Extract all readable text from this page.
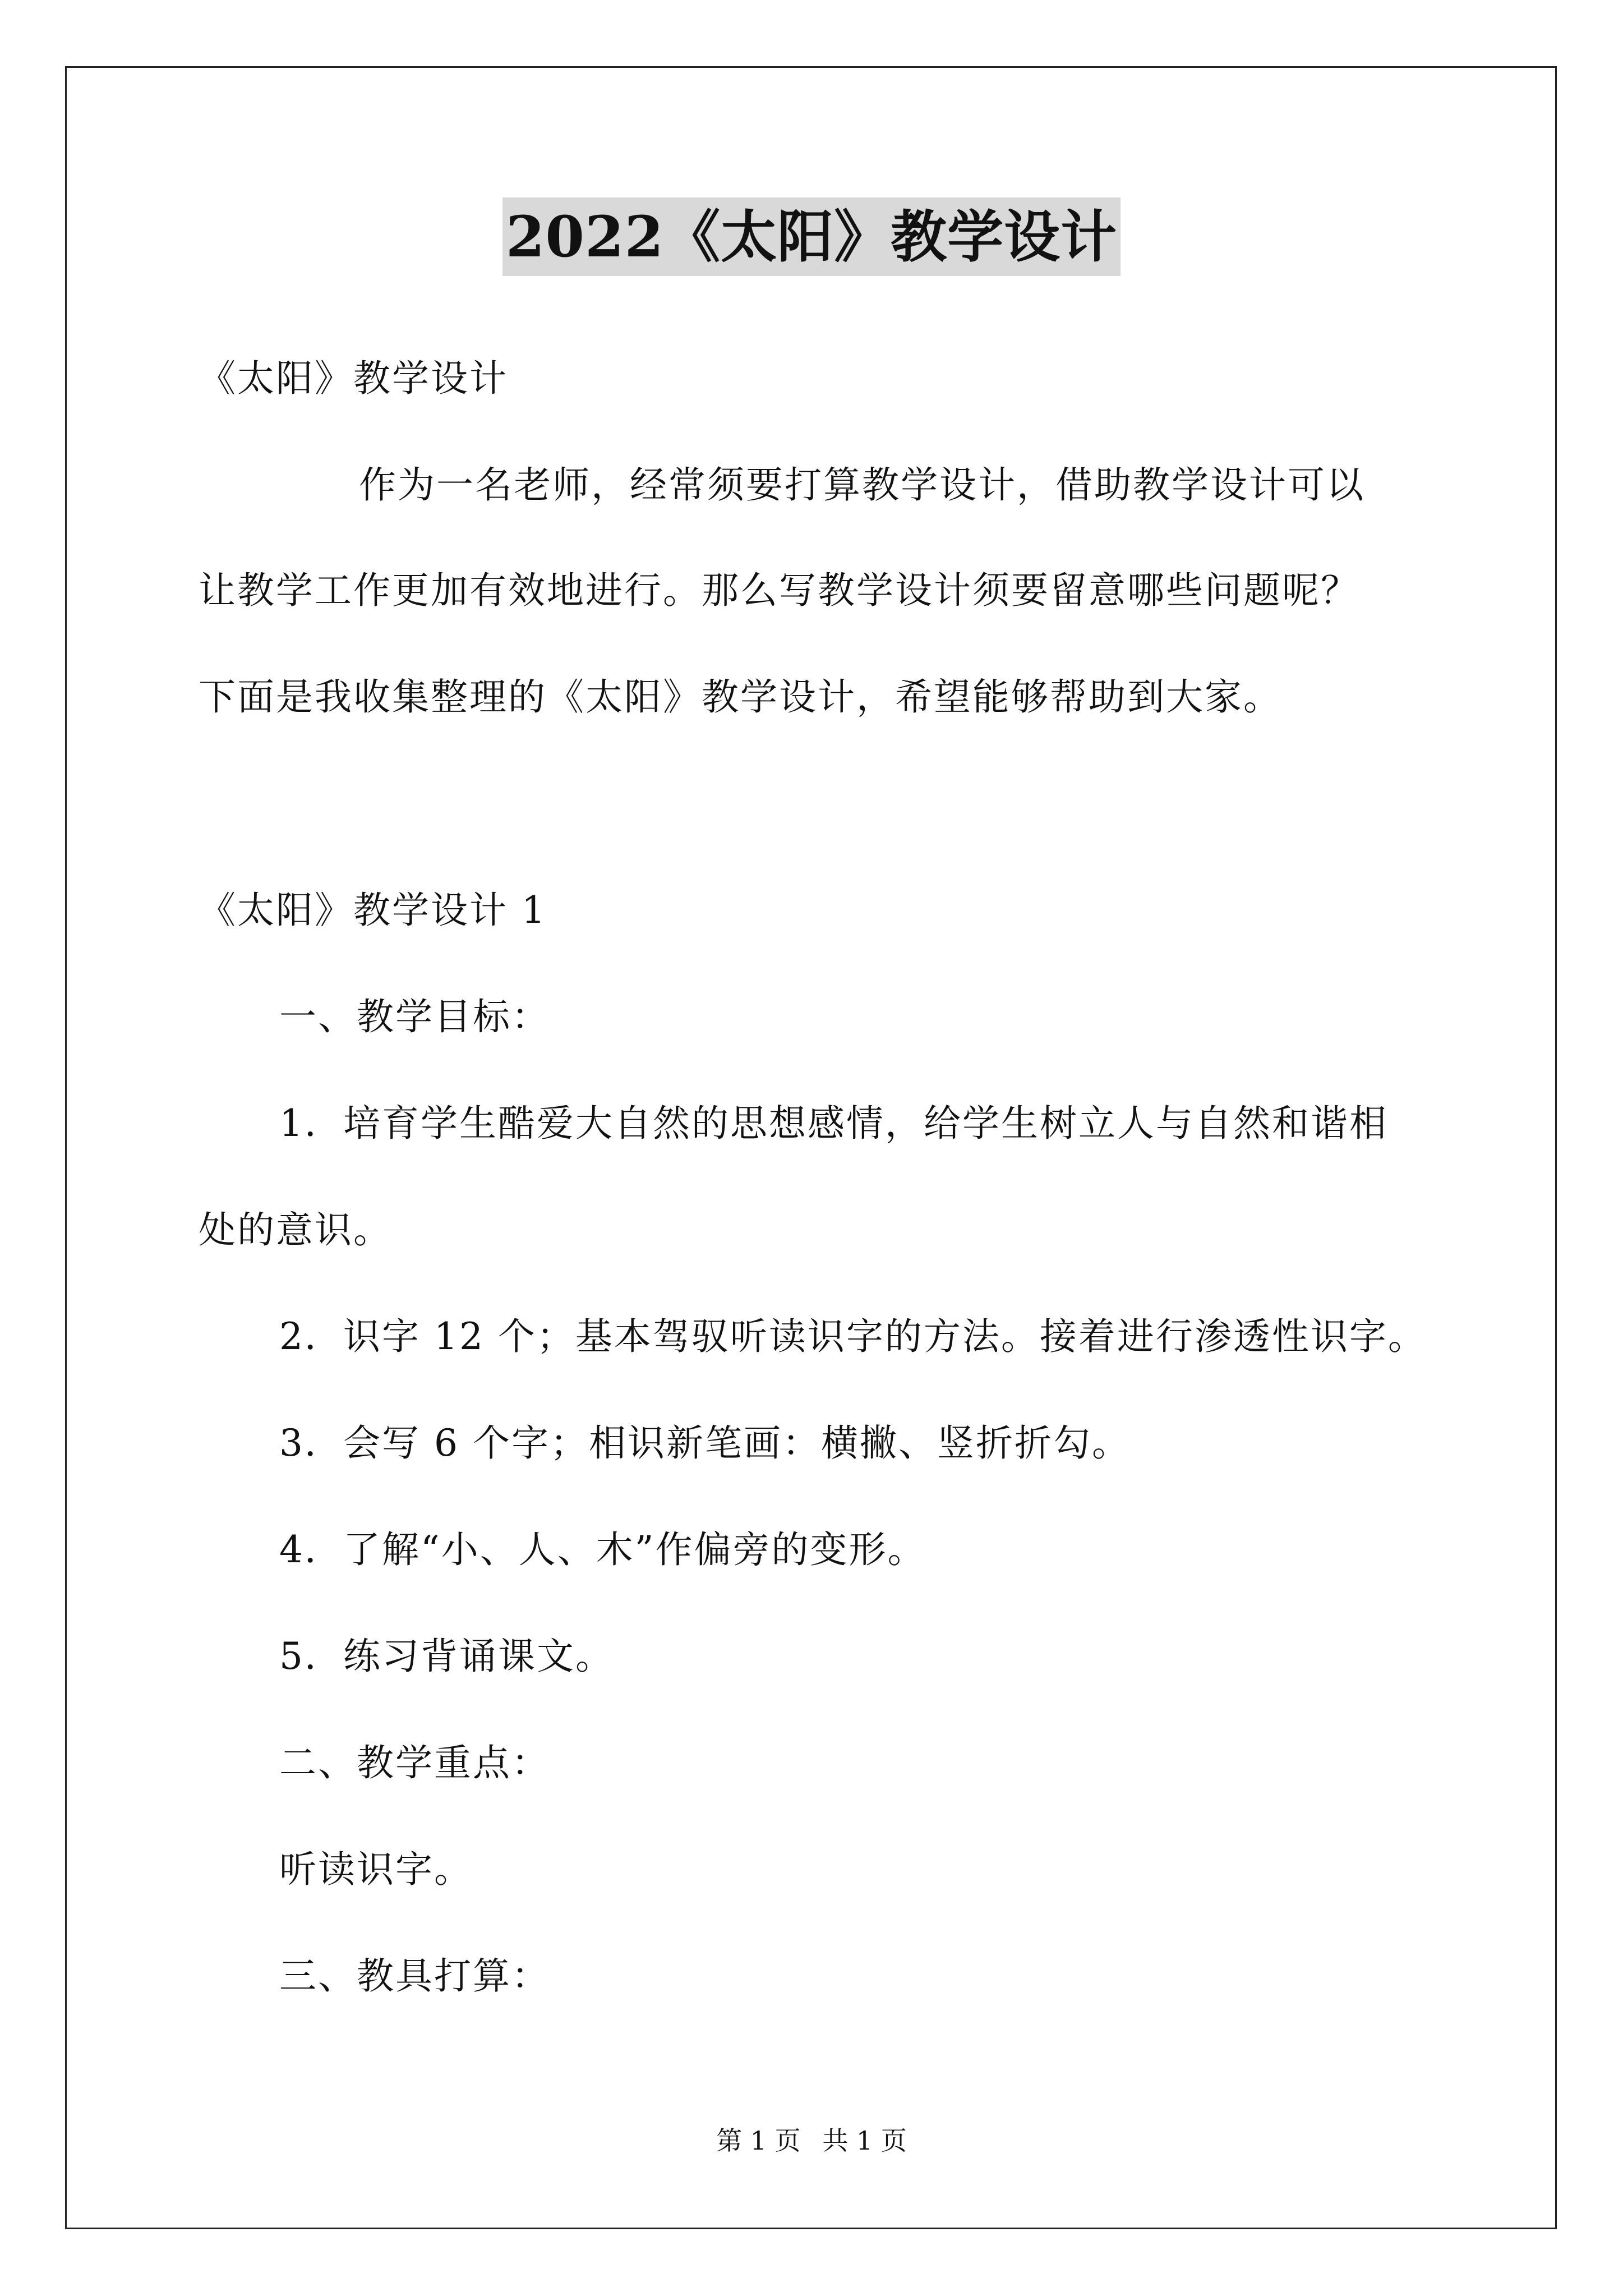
2022《太阳》教学设计
《太阳》教学设计
作为一名老师，经常须要打算教学设计，借助教学设计可以
让教学工作更加有效地进行。那么写教学设计须要留意哪些问题呢？
下面是我收集整理的《太阳》教学设计，希望能够帮助到大家。
《太阳》教学设计 1
一、教学目标：
1．培育学生酷爱大自然的思想感情，给学生树立人与自然和谐相
处的意识。
2．识字 12 个；基本驾驭听读识字的方法。接着进行渗透性识字。
3．会写 6 个字；相识新笔画：横撇、竖折折勾。
4．了解“小、人、木”作偏旁的变形。
5．练习背诵课文。
二、教学重点：
听读识字。
三、教具打算：
第 1 页 共 1 页
